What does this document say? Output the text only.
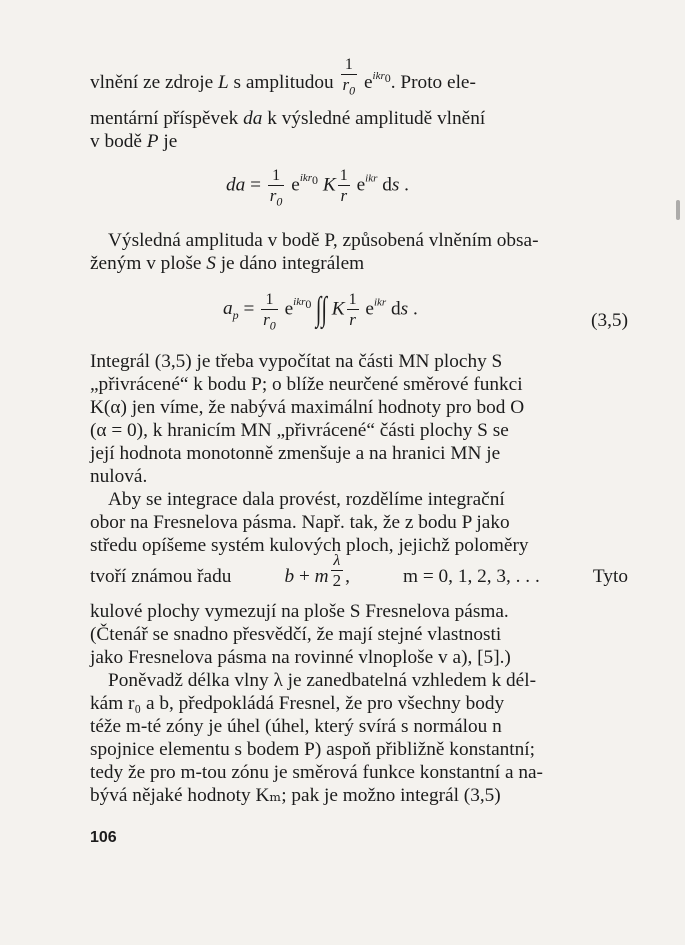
vlnění ze zdroje L s amplitudou $\frac{1}{r_0} e^{ikr_0}$. Proto ele-
mentární příspěvek da k výsledné amplitudě vlnění
v bodě P je
da = $\frac{1}{r_0} e^{ikr_0}$ K $\frac{1}{r} e^{ikr}$ ds .
Výsledná amplituda v bodě P, způsobená vlněním obsa-
ženým v ploše S je dáno integrálem
$a_p = \frac{1}{r_0} e^{ikr_0}$ ∫∫ K $\frac{1}{r} e^{ikr}$ ds .
(3,5)
Integrál (3,5) je třeba vypočítat na části MN plochy S
„přivrácené“ k bodu P; o blíže neurčené směrové funkci
K(α) jen víme, že nabývá maximální hodnoty pro bod O
(α = 0), k hranicím MN „přivrácené“ části plochy S se
její hodnota monotonně zmenšuje a na hranici MN je
nulová.
Aby se integrace dala provést, rozdělíme integrační
obor na Fresnelova pásma. Např. tak, že z bodu P jako
středu opíšeme systém kulových ploch, jejichž poloměry
tvoří známou řadu	b + m $\frac{\lambda}{2}$ ,	m = 0, 1, 2, 3, . . .	Tyto
kulové plochy vymezují na ploše S Fresnelova pásma.
(Čtenář se snadno přesvědčí, že mají stejné vlastnosti
jako Fresnelova pásma na rovinné vlnoploše v a), [5].)
Poněvadž délka vlny λ je zanedbatelná vzhledem k dél-
kám r₀ a b, předpokládá Fresnel, že pro všechny body
téže m-té zóny je úhel (úhel, který svírá s normálou n
spojnice elementu s bodem P) aspoň přibližně konstantní;
tedy že pro m-tou zónu je směrová funkce konstantní a na-
bývá nějaké hodnoty Kₘ; pak je možno integrál (3,5)
106
